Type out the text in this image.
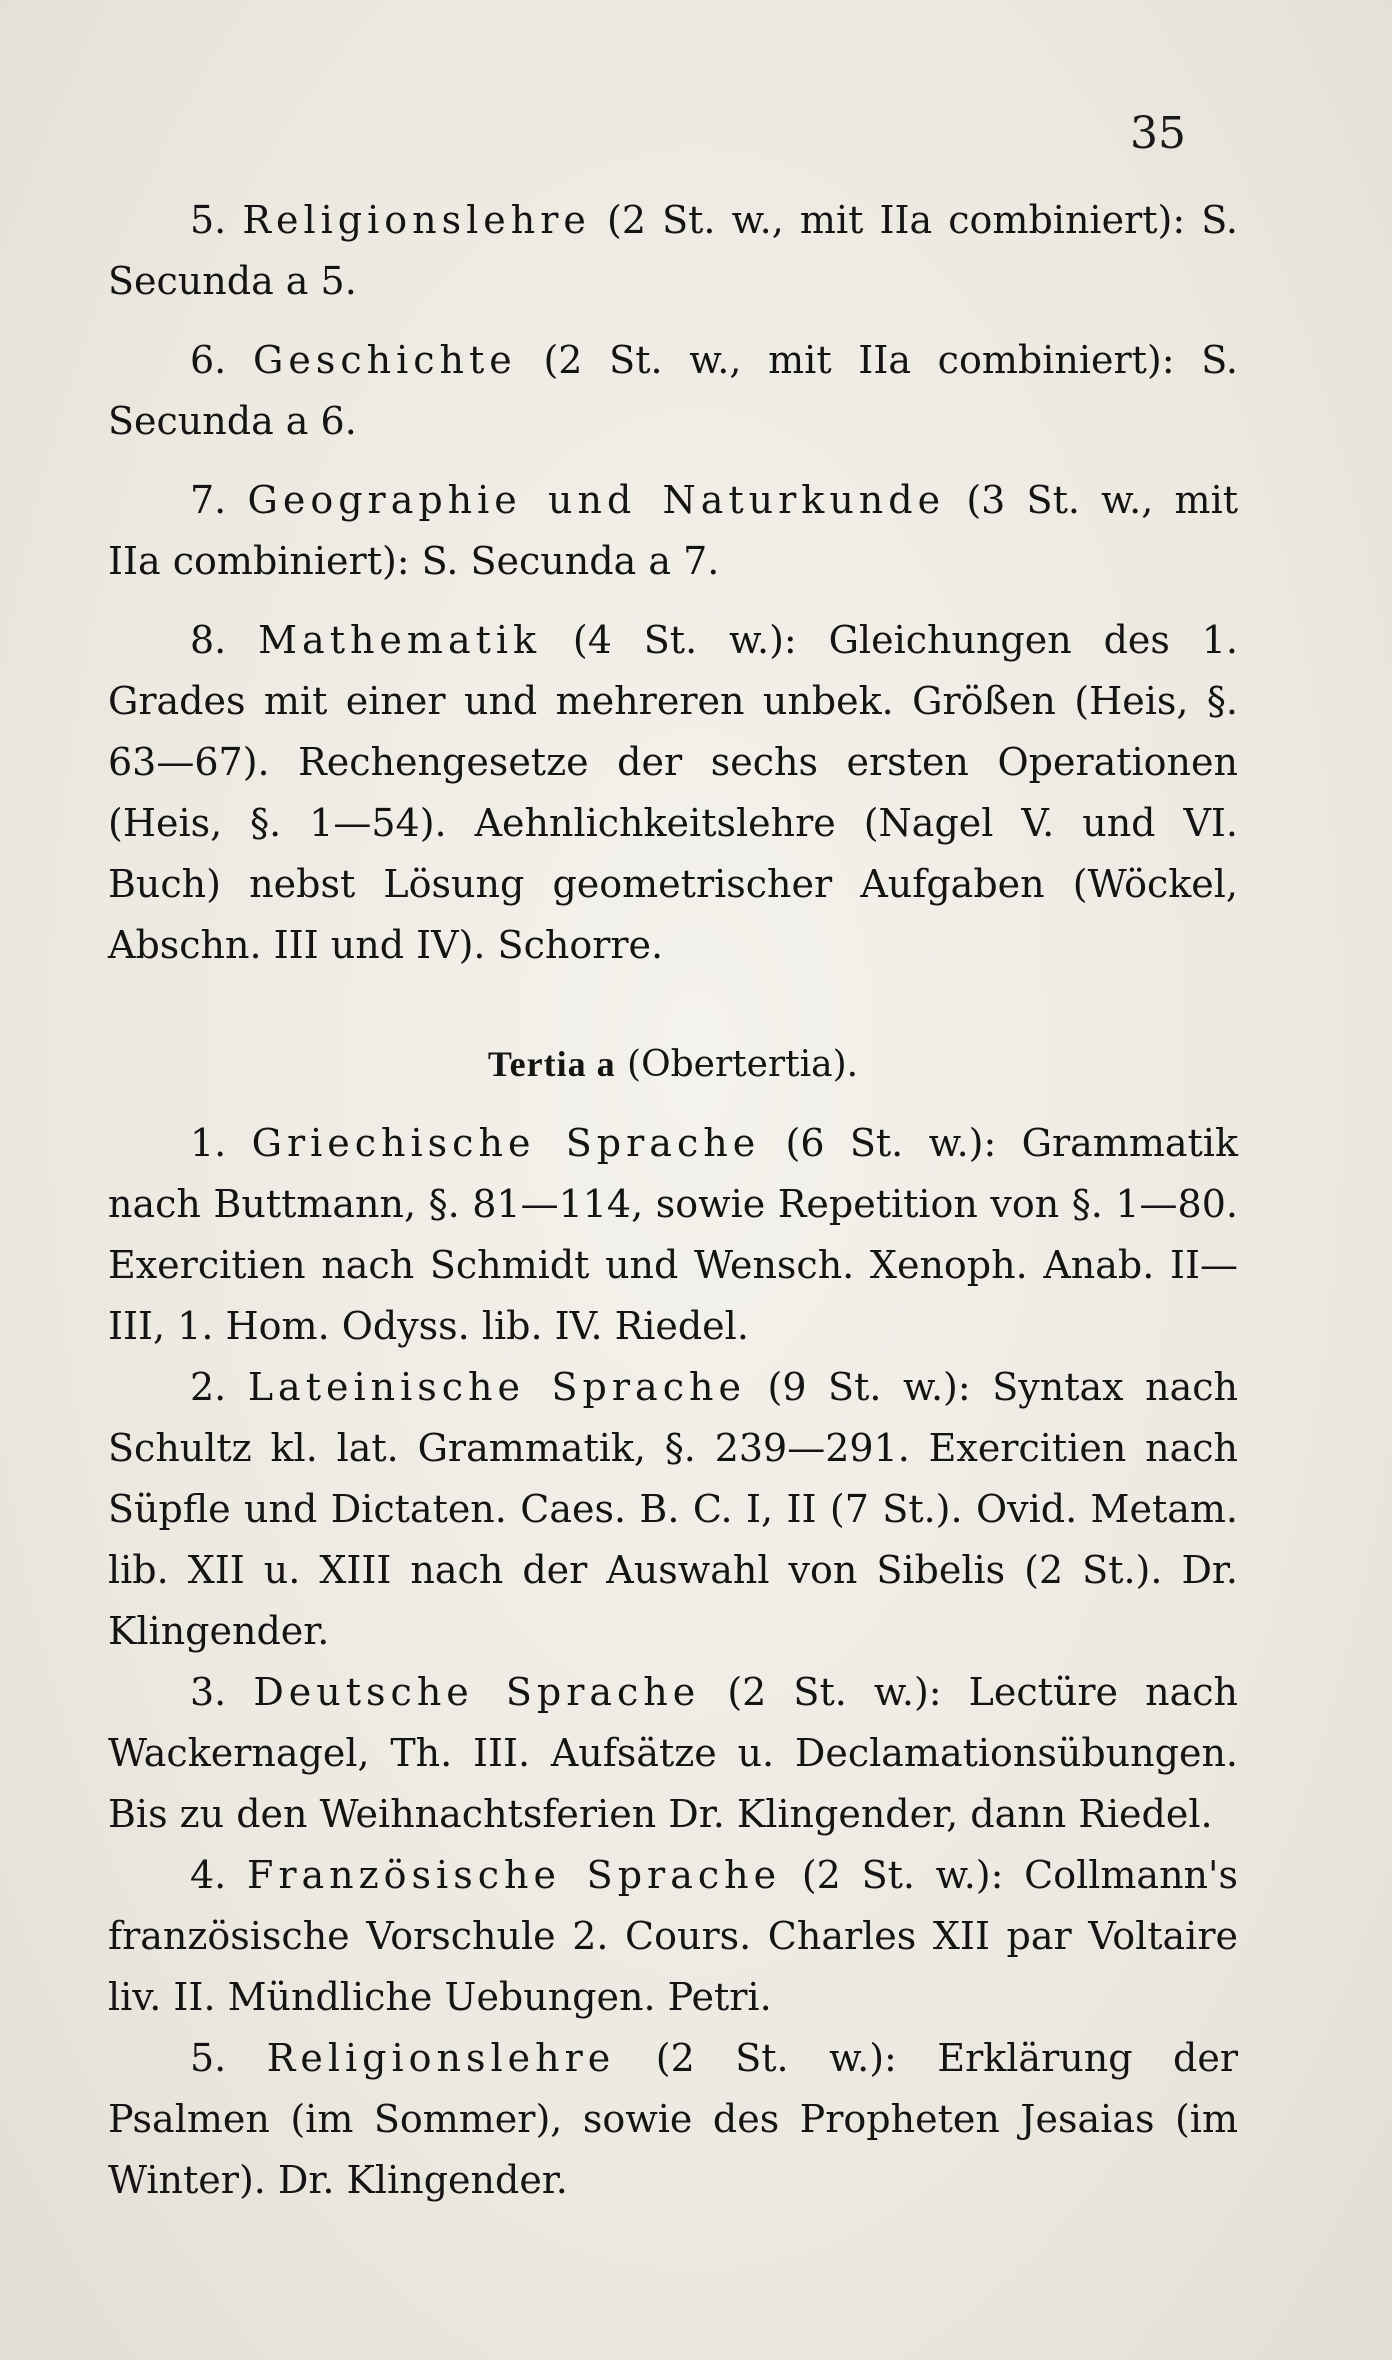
35

5. Religionslehre (2 St. w., mit IIa combiniert): S. Secunda a 5.

6. Geschichte (2 St. w., mit IIa combiniert): S. Secunda a 6.

7. Geographie und Naturkunde (3 St. w., mit IIa combiniert): S. Secunda a 7.

8. Mathematik (4 St. w.): Gleichungen des 1. Grades mit einer und mehreren unbek. Größen (Heis, §. 63—67). Rechengesetze der sechs ersten Operationen (Heis, §. 1—54). Aehnlichkeitslehre (Nagel V. und VI. Buch) nebst Lösung geometrischer Aufgaben (Wöckel, Abschn. III und IV). Schorre.

Tertia a (Obertertia).

1. Griechische Sprache (6 St. w.): Grammatik nach Buttmann, §. 81—114, sowie Repetition von §. 1—80. Exercitien nach Schmidt und Wensch. Xenoph. Anab. II—III, 1. Hom. Odyss. lib. IV. Riedel.

2. Lateinische Sprache (9 St. w.): Syntax nach Schultz kl. lat. Grammatik, §. 239—291. Exercitien nach Süpfle und Dictaten. Caes. B. C. I, II (7 St.). Ovid. Metam. lib. XII u. XIII nach der Auswahl von Sibelis (2 St.). Dr. Klingender.

3. Deutsche Sprache (2 St. w.): Lectüre nach Wackernagel, Th. III. Aufsätze u. Declamationsübungen. Bis zu den Weihnachtsferien Dr. Klingender, dann Riedel.

4. Französische Sprache (2 St. w.): Collmann's französische Vorschule 2. Cours. Charles XII par Voltaire liv. II. Mündliche Uebungen. Petri.

5. Religionslehre (2 St. w.): Erklärung der Psalmen (im Sommer), sowie des Propheten Jesaias (im Winter). Dr. Klingender.
